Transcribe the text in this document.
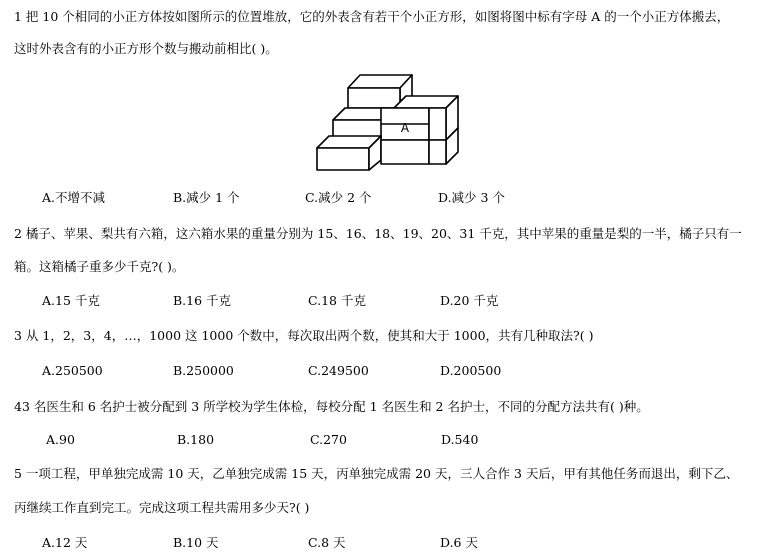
1 把 10 个相同的小正方体按如图所示的位置堆放，它的外表含有若干个小正方形，如图将图中标有字母 A 的一个小正方体搬去，
这时外表含有的小正方形个数与搬动前相比( )。
A
A.不增不减	B.减少 1 个	C.减少 2 个	D.减少 3 个
2 橘子、苹果、梨共有六箱，这六箱水果的重量分别为 15、16、18、19、20、31 千克，其中苹果的重量是梨的一半，橘子只有一
箱。这箱橘子重多少千克?( )。
A.15 千克	B.16 千克	C.18 千克	D.20 千克
3 从 1，2，3，4，…，1000 这 1000 个数中，每次取出两个数，使其和大于 1000，共有几种取法?( )
A.250500	B.250000	C.249500	D.200500
43 名医生和 6 名护士被分配到 3 所学校为学生体检，每校分配 1 名医生和 2 名护士，不同的分配方法共有( )种。
A.90	B.180	C.270	D.540
5 一项工程，甲单独完成需 10 天，乙单独完成需 15 天，丙单独完成需 20 天，三人合作 3 天后，甲有其他任务而退出，剩下乙、
丙继续工作直到完工。完成这项工程共需用多少天?( )
A.12 天	B.10 天	C.8 天	D.6 天
